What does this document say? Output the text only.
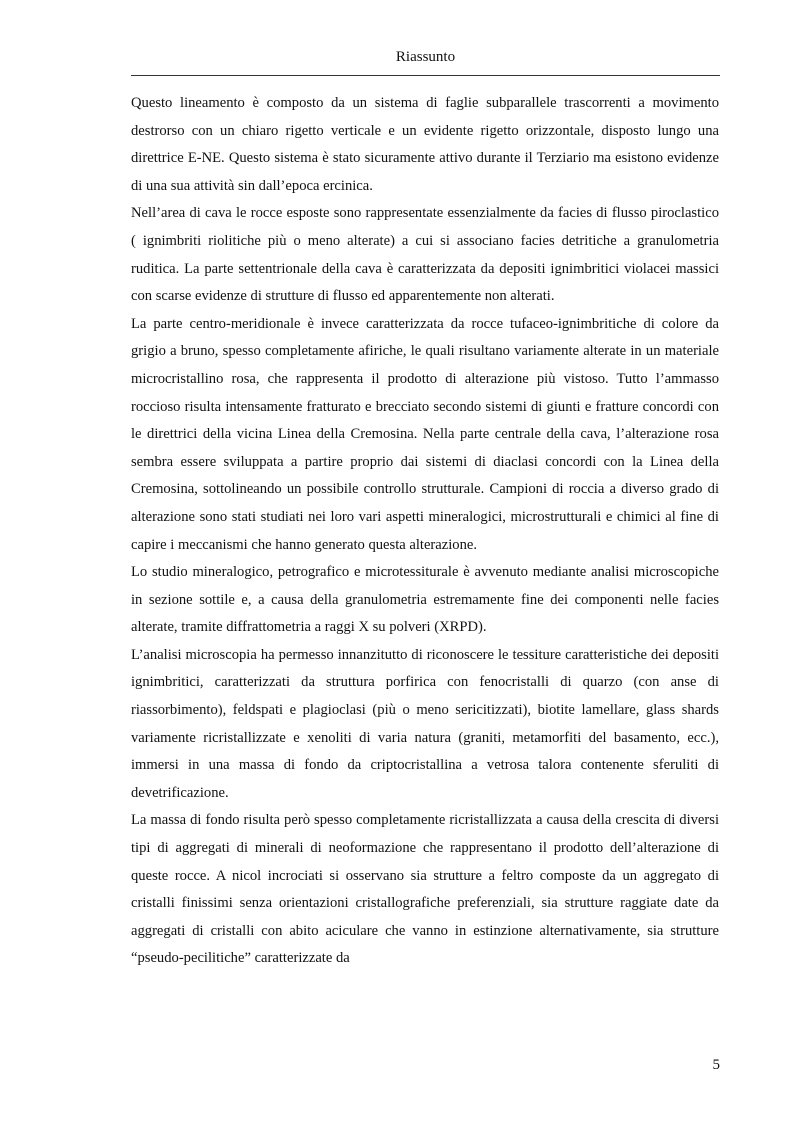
Riassunto

Questo lineamento è composto da un sistema di faglie subparallele trascorrenti a movimento destrorso con un chiaro rigetto verticale e un evidente rigetto orizzontale, disposto lungo una direttrice E-NE. Questo sistema è stato sicuramente attivo durante il Terziario ma esistono evidenze di una sua attività sin dall’epoca ercinica.

Nell’area di cava le rocce esposte sono rappresentate essenzialmente da facies di flusso piroclastico ( ignimbriti riolitiche più o meno alterate) a cui si associano facies detritiche a granulometria ruditica. La parte settentrionale della cava è caratterizzata da depositi ignimbritici violacei massici con scarse evidenze di strutture di flusso ed apparentemente non alterati.

La parte centro-meridionale è invece caratterizzata da rocce tufaceo-ignimbritiche di colore da grigio a bruno, spesso completamente afiriche, le quali risultano variamente alterate in un materiale microcristallino rosa, che rappresenta il prodotto di alterazione più vistoso. Tutto l’ammasso roccioso risulta intensamente fratturato e brecciato secondo sistemi di giunti e fratture concordi con le direttrici della vicina Linea della Cremosina. Nella parte centrale della cava, l’alterazione rosa sembra essere sviluppata a partire proprio dai sistemi di diaclasi concordi con la Linea della Cremosina, sottolineando un possibile controllo strutturale. Campioni di roccia a diverso grado di alterazione sono stati studiati nei loro vari aspetti mineralogici, microstrutturali e chimici al fine di capire i meccanismi che hanno generato questa alterazione.

Lo studio mineralogico, petrografico e microtessiturale è avvenuto mediante analisi microscopiche in sezione sottile e, a causa della granulometria estremamente fine dei componenti nelle facies alterate, tramite diffrattometria a raggi X su polveri (XRPD).

L’analisi microscopia ha permesso innanzitutto di riconoscere le tessiture caratteristiche dei depositi ignimbritici, caratterizzati da struttura porfirica con fenocristalli di quarzo (con anse di riassorbimento), feldspati e plagioclasi (più o meno sericitizzati), biotite lamellare, glass shards variamente ricristallizzate e xenoliti di varia natura (graniti, metamorfiti del basamento, ecc.), immersi in una massa di fondo da criptocristallina a vetrosa talora contenente sferuliti di devetrificazione.

La massa di fondo risulta però spesso completamente ricristallizzata a causa della crescita di diversi tipi di aggregati di minerali di neoformazione che rappresentano il prodotto dell’alterazione di queste rocce. A nicol incrociati si osservano sia strutture a feltro composte da un aggregato di cristalli finissimi senza orientazioni cristallografiche preferenziali, sia strutture raggiate date da aggregati di cristalli con abito aciculare che vanno in estinzione alternativamente, sia strutture “pseudo-pecilitiche” caratterizzate da

5
